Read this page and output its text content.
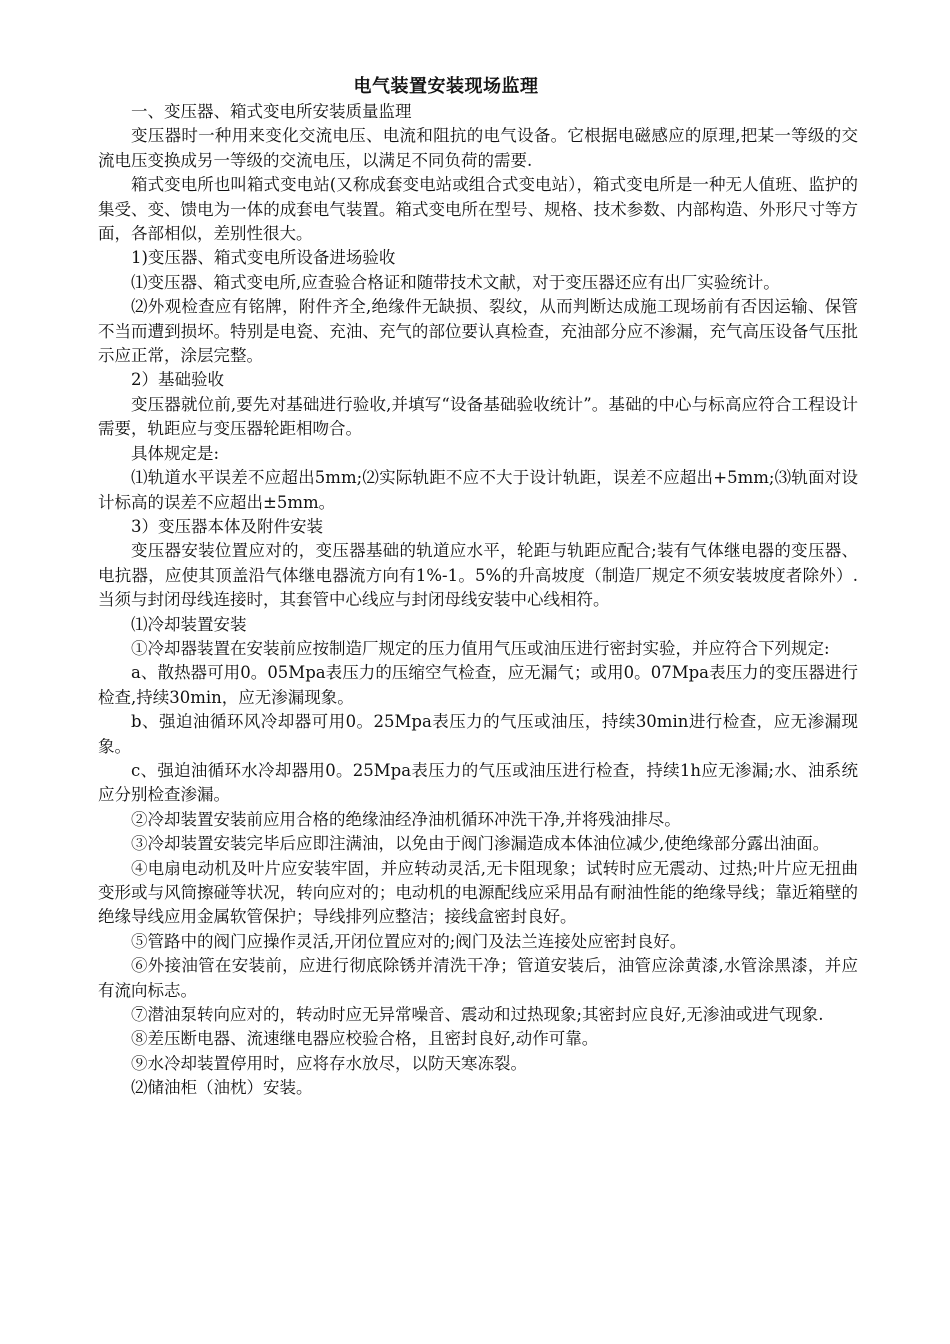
电气装置安装现场监理

一、变压器、箱式变电所安装质量监理

变压器时一种用来变化交流电压、电流和阻抗的电气设备。它根据电磁感应的原理,把某一等级的交流电压变换成另一等级的交流电压，以满足不同负荷的需要.

箱式变电所也叫箱式变电站(又称成套变电站或组合式变电站），箱式变电所是一种无人值班、监护的集受、变、馈电为一体的成套电气装置。箱式变电所在型号、规格、技术参数、内部构造、外形尺寸等方面，各部相似，差别性很大。

1)变压器、箱式变电所设备进场验收

⑴变压器、箱式变电所,应查验合格证和随带技术文献，对于变压器还应有出厂实验统计。

⑵外观检查应有铭牌，附件齐全,绝缘件无缺损、裂纹，从而判断达成施工现场前有否因运输、保管不当而遭到损坏。特别是电瓷、充油、充气的部位要认真检查，充油部分应不渗漏，充气高压设备气压批示应正常，涂层完整。

2）基础验收

变压器就位前,要先对基础进行验收,并填写“设备基础验收统计”。基础的中心与标高应符合工程设计需要，轨距应与变压器轮距相吻合。

具体规定是:

⑴轨道水平误差不应超出5mm;⑵实际轨距不应不大于设计轨距，误差不应超出+5mm;⑶轨面对设计标高的误差不应超出±5mm。

3）变压器本体及附件安装

变压器安装位置应对的，变压器基础的轨道应水平，轮距与轨距应配合;装有气体继电器的变压器、电抗器，应使其顶盖沿气体继电器流方向有1%-1。5%的升高坡度（制造厂规定不须安装坡度者除外）.当须与封闭母线连接时，其套管中心线应与封闭母线安装中心线相符。

⑴冷却装置安装

①冷却器装置在安装前应按制造厂规定的压力值用气压或油压进行密封实验，并应符合下列规定:

a、散热器可用0。05Mpa表压力的压缩空气检查，应无漏气；或用0。07Mpa表压力的变压器进行检查,持续30min，应无渗漏现象。

b、强迫油循环风冷却器可用0。25Mpa表压力的气压或油压，持续30min进行检查，应无渗漏现象。

c、强迫油循环水冷却器用0。25Mpa表压力的气压或油压进行检查，持续1h应无渗漏;水、油系统应分别检查渗漏。

②冷却装置安装前应用合格的绝缘油经净油机循环冲洗干净,并将残油排尽。

③冷却装置安装完毕后应即注满油，以免由于阀门渗漏造成本体油位减少,使绝缘部分露出油面。

④电扇电动机及叶片应安装牢固，并应转动灵活,无卡阻现象；试转时应无震动、过热;叶片应无扭曲变形或与风筒擦碰等状况，转向应对的；电动机的电源配线应采用品有耐油性能的绝缘导线；靠近箱壁的绝缘导线应用金属软管保护；导线排列应整洁；接线盒密封良好。

⑤管路中的阀门应操作灵活,开闭位置应对的;阀门及法兰连接处应密封良好。

⑥外接油管在安装前，应进行彻底除锈并清洗干净；管道安装后，油管应涂黄漆,水管涂黑漆，并应有流向标志。

⑦潜油泵转向应对的，转动时应无异常噪音、震动和过热现象;其密封应良好,无渗油或进气现象.

⑧差压断电器、流速继电器应校验合格，且密封良好,动作可靠。

⑨水冷却装置停用时，应将存水放尽，以防天寒冻裂。

⑵储油柜（油枕）安装。
